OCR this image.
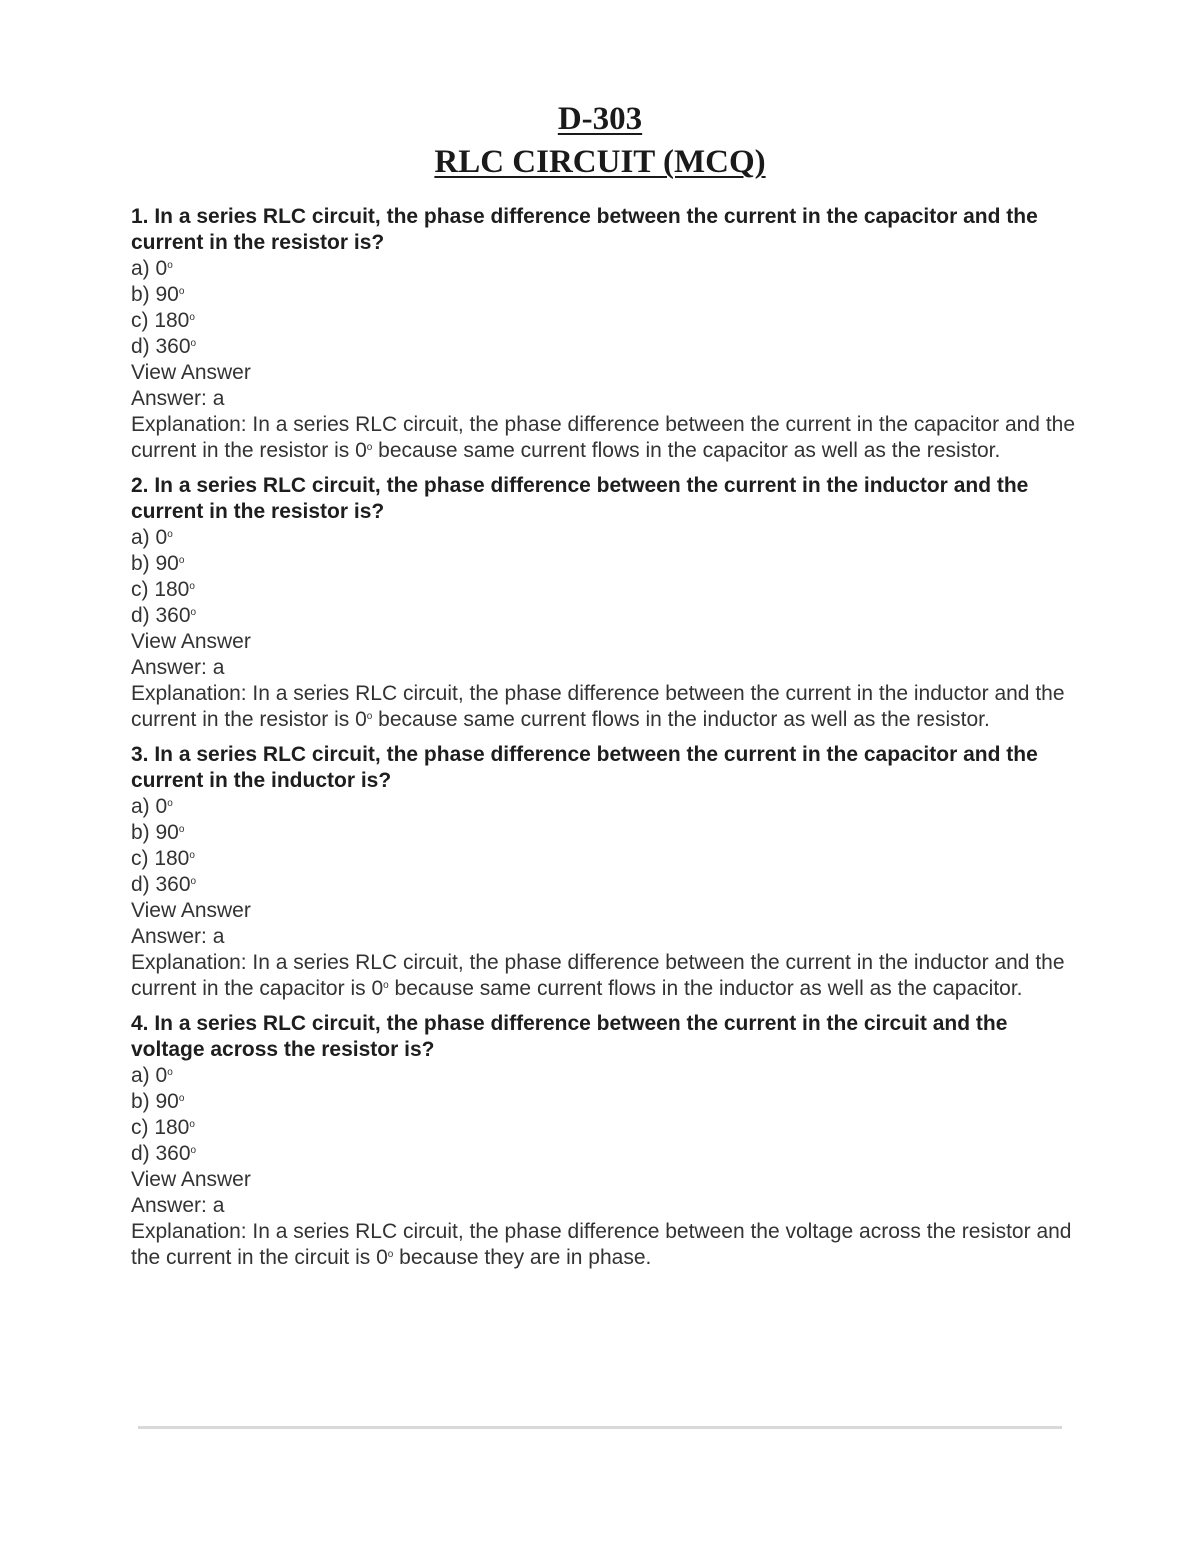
D-303
RLC CIRCUIT (MCQ)
1. In a series RLC circuit, the phase difference between the current in the capacitor and the current in the resistor is?
a) 0$^o$
b) 90$^o$
c) 180$^o$
d) 360$^o$
View Answer
Answer: a
Explanation: In a series RLC circuit, the phase difference between the current in the capacitor and the current in the resistor is 0$^o$ because same current flows in the capacitor as well as the resistor.
2. In a series RLC circuit, the phase difference between the current in the inductor and the current in the resistor is?
a) 0$^o$
b) 90$^o$
c) 180$^o$
d) 360$^o$
View Answer
Answer: a
Explanation: In a series RLC circuit, the phase difference between the current in the inductor and the current in the resistor is 0$^o$ because same current flows in the inductor as well as the resistor.
3. In a series RLC circuit, the phase difference between the current in the capacitor and the current in the inductor is?
a) 0$^o$
b) 90$^o$
c) 180$^o$
d) 360$^o$
View Answer
Answer: a
Explanation: In a series RLC circuit, the phase difference between the current in the inductor and the current in the capacitor is 0$^o$ because same current flows in the inductor as well as the capacitor.
4. In a series RLC circuit, the phase difference between the current in the circuit and the voltage across the resistor is?
a) 0$^o$
b) 90$^o$
c) 180$^o$
d) 360$^o$
View Answer
Answer: a
Explanation: In a series RLC circuit, the phase difference between the voltage across the resistor and the current in the circuit is 0$^o$ because they are in phase.
